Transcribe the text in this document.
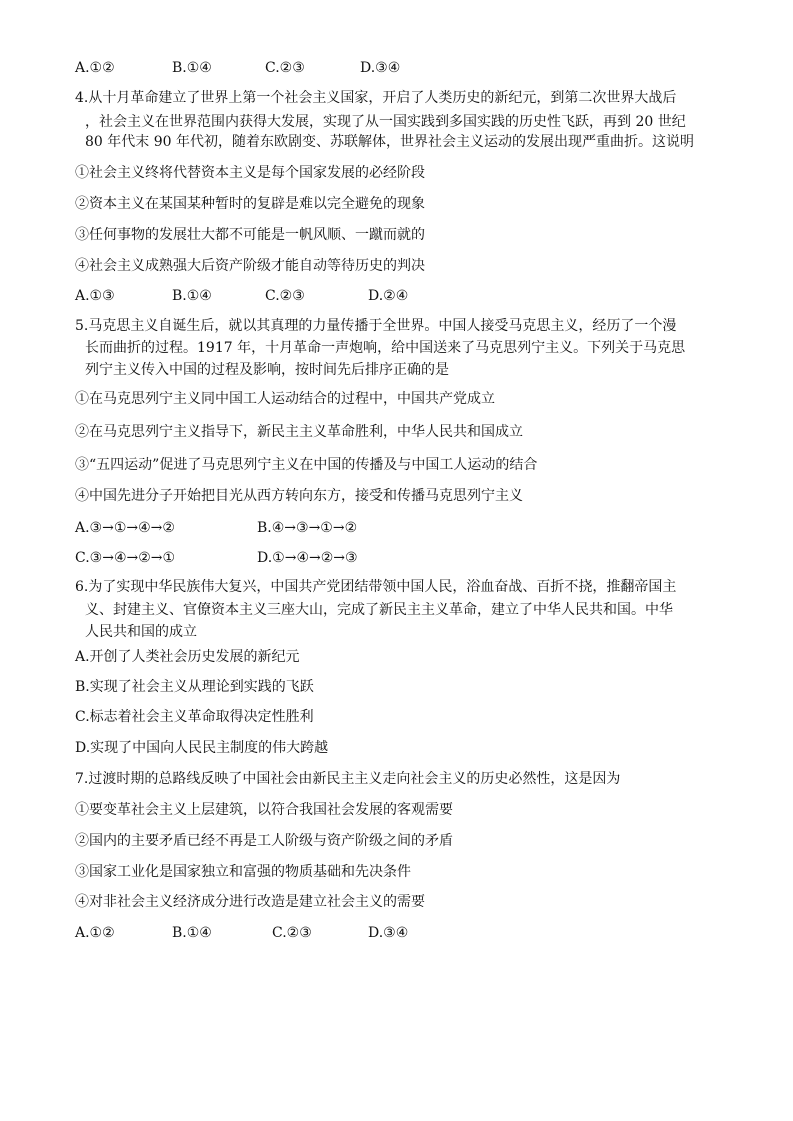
A.①②	B.①④	C.②③	D.③④
4.从十月革命建立了世界上第一个社会主义国家，开启了人类历史的新纪元，到第二次世界大战后
，社会主义在世界范围内获得大发展，实现了从一国实践到多国实践的历史性飞跃，再到 20 世纪
80 年代末 90 年代初，随着东欧剧变、苏联解体，世界社会主义运动的发展出现严重曲折。这说明
①社会主义终将代替资本主义是每个国家发展的必经阶段
②资本主义在某国某种暂时的复辟是难以完全避免的现象
③任何事物的发展壮大都不可能是一帆风顺、一蹴而就的
④社会主义成熟强大后资产阶级才能自动等待历史的判决
A.①③	B.①④	C.②③	D.②④
5.马克思主义自诞生后，就以其真理的力量传播于全世界。中国人接受马克思主义，经历了一个漫
长而曲折的过程。1917 年，十月革命一声炮响，给中国送来了马克思列宁主义。下列关于马克思
列宁主义传入中国的过程及影响，按时间先后排序正确的是
①在马克思列宁主义同中国工人运动结合的过程中，中国共产党成立
②在马克思列宁主义指导下，新民主主义革命胜利，中华人民共和国成立
③“五四运动”促进了马克思列宁主义在中国的传播及与中国工人运动的结合
④中国先进分子开始把目光从西方转向东方，接受和传播马克思列宁主义
A.③→①→④→②	B.④→③→①→②
C.③→④→②→①	D.①→④→②→③
6.为了实现中华民族伟大复兴，中国共产党团结带领中国人民，浴血奋战、百折不挠，推翻帝国主
义、封建主义、官僚资本主义三座大山，完成了新民主主义革命，建立了中华人民共和国。中华
人民共和国的成立
A.开创了人类社会历史发展的新纪元
B.实现了社会主义从理论到实践的飞跃
C.标志着社会主义革命取得决定性胜利
D.实现了中国向人民民主制度的伟大跨越
7.过渡时期的总路线反映了中国社会由新民主主义走向社会主义的历史必然性，这是因为
①要变革社会主义上层建筑，以符合我国社会发展的客观需要
②国内的主要矛盾已经不再是工人阶级与资产阶级之间的矛盾
③国家工业化是国家独立和富强的物质基础和先决条件
④对非社会主义经济成分进行改造是建立社会主义的需要
A.①②	B.①④	C.②③	D.③④
